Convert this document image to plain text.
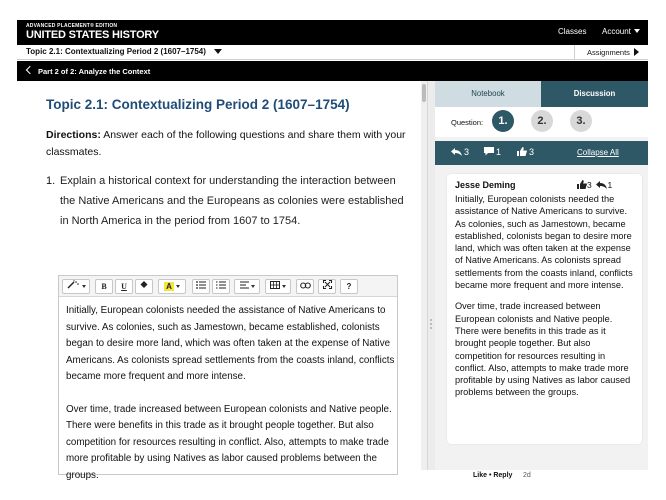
ADVANCED PLACEMENT® EDITION
UNITED STATES HISTORY	Classes Account
Topic 2.1: Contextualizing Period 2 (1607–1754)	Assignments
Part 2 of 2: Analyze the Context
Topic 2.1: Contextualizing Period 2 (1607–1754)
Directions: Answer each of the following questions and share them with your classmates.
1. Explain a historical context for understanding the interaction between the Native Americans and the Europeans as colonies were established in North America in the period from 1607 to 1754.
B	U	A	?

Initially, European colonists needed the assistance of Native Americans to survive. As colonies, such as Jamestown, became established, colonists began to desire more land, which was often taken at the expense of Native Americans. As colonists spread settlements from the coasts inland, conflicts became more frequent and more intense.

Over time, trade increased between European colonists and Native people. There were benefits in this trade as it brought people together. But also competition for resources resulting in conflict. Also, attempts to make trade more profitable by using Natives as labor caused problems between the groups.

Notebook	Discussion
Question:	1.	2.	3.
3	1	3	Collapse All
Jesse Deming	3 1

Initially, European colonists needed the assistance of Native Americans to survive. As colonies, such as Jamestown, became established, colonists began to desire more land, which was often taken at the expense of Native Americans. As colonists spread settlements from the coasts inland, conflicts became more frequent and more intense.

Over time, trade increased between European colonists and Native people. There were benefits in this trade as it brought people together. But also competition for resources resulting in conflict. Also, attempts to make trade more profitable by using Natives as labor caused problems between the groups.

Like • Reply 2d
